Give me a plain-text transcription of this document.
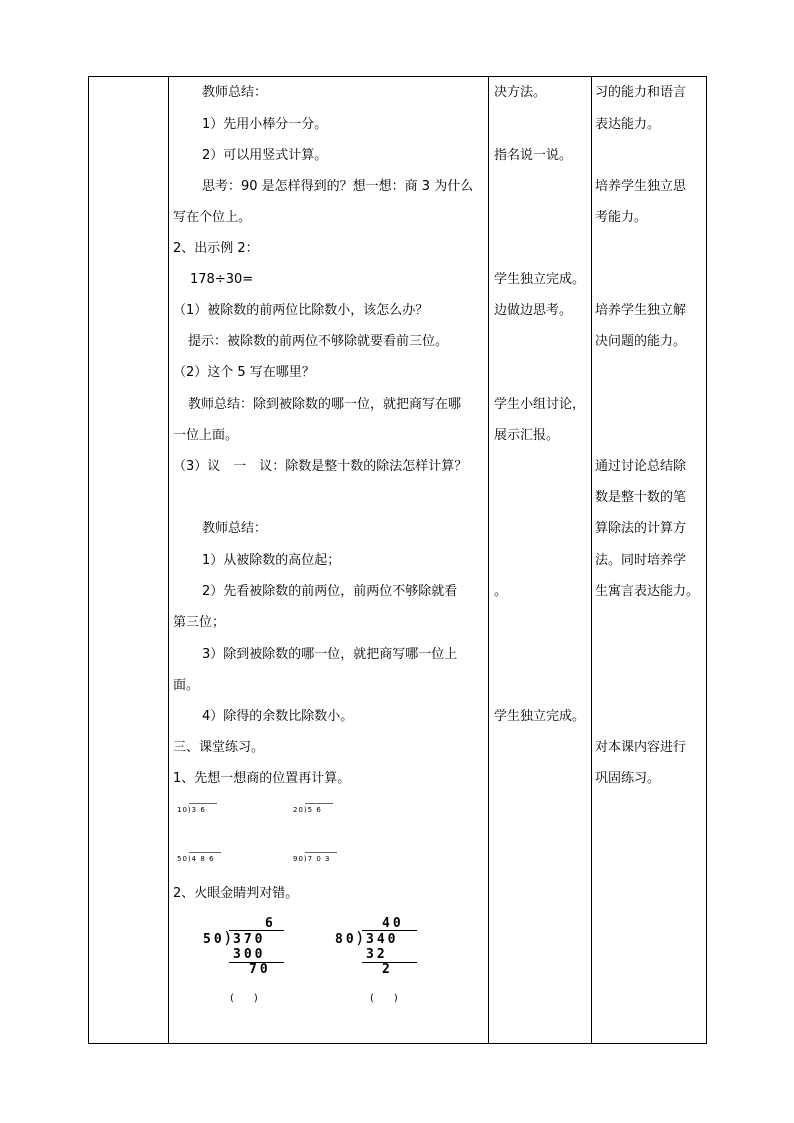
教师总结：
1）先用小棒分一分。
2）可以用竖式计算。
思考：90 是怎样得到的？想一想：商 3 为什么
写在个位上。
2、出示例 2：
178÷30=
（1）被除数的前两位比除数小，该怎么办？
提示：被除数的前两位不够除就要看前三位。
（2）这个 5 写在哪里？
教师总结：除到被除数的哪一位，就把商写在哪
一位上面。
（3）议　一　议：除数是整十数的除法怎样计算？
教师总结：
1）从被除数的高位起；
2）先看被除数的前两位，前两位不够除就看
第三位；
3）除到被除数的哪一位，就把商写哪一位上
面。
4）除得的余数比除数小。
三、课堂练习。
1、先想一想商的位置再计算。
10)3 6	20)5 6
50)4 8 6	90)7 0 3
2、火眼金睛判对错。
6
50
)
370
300
70
(　　)
40
80
)
340
32
2
(　　)
决方法。
指名说一说。
学生独立完成。
边做边思考。
学生小组讨论，
展示汇报。
。
学生独立完成。
习的能力和语言
表达能力。
培养学生独立思
考能力。
培养学生独立解
决问题的能力。
通过讨论总结除
数是整十数的笔
算除法的计算方
法。同时培养学
生寓言表达能力。
对本课内容进行
巩固练习。
